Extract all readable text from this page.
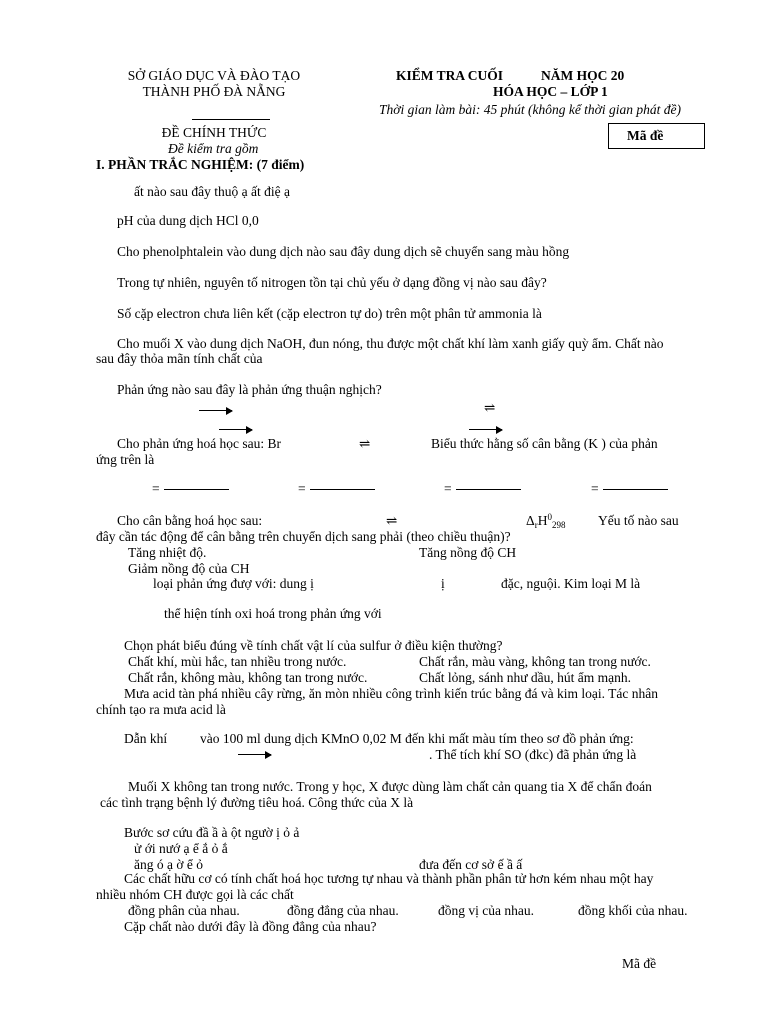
SỞ GIÁO DỤC VÀ ĐÀO TẠO
THÀNH PHỐ ĐÀ NẴNG
ĐỀ CHÍNH THỨC
Đề kiểm tra gồm
KIỂM TRA CUỐI	NĂM HỌC 20
HÓA HỌC – LỚP 1
Thời gian làm bài: 45 phút (không kể thời gian phát đề)
Mã đề
I. PHẦN TRẮC NGHIỆM: (7 điểm)
ất nào sau đây thuộ ạ ất điệ ạ
pH của dung dịch HCl 0,0
Cho phenolphtalein vào dung dịch nào sau đây dung dịch sẽ chuyển sang màu hồng
Trong tự nhiên, nguyên tố nitrogen tồn tại chủ yếu ở dạng đồng vị nào sau đây?
Số cặp electron chưa liên kết (cặp electron tự do) trên một phân tử ammonia là
Cho muối X vào dung dịch NaOH, đun nóng, thu được một chất khí làm xanh giấy quỳ ẩm. Chất nào
sau đây thỏa mãn tính chất của
Phản ứng nào sau đây là phản ứng thuận nghịch?
⇌
Cho phản ứng hoá học sau: Br	⇌	Biểu thức hằng số cân bằng (K ) của phản
ứng trên là
=	=	=	=
Cho cân bằng hoá học sau:	⇌	$\Delta_rH^0_{298}$ Yếu tố nào sau
đây cần tác động để cân bằng trên chuyển dịch sang phải (theo chiều thuận)?
Tăng nhiệt độ.	Tăng nồng độ CH
Giảm nồng độ của CH
loại phản ứng đượ với: dung ị	ị	đặc, nguội. Kim loại M là
thể hiện tính oxi hoá trong phản ứng với
Chọn phát biểu đúng về tính chất vật lí của sulfur ở điều kiện thường?
Chất khí, mùi hắc, tan nhiều trong nước.	Chất rắn, màu vàng, không tan trong nước.
Chất rắn, không màu, không tan trong nước.	Chất lỏng, sánh như dầu, hút ẩm mạnh.
Mưa acid tàn phá nhiều cây rừng, ăn mòn nhiều công trình kiến trúc bằng đá và kim loại. Tác nhân
chính tạo ra mưa acid là
Dẫn khí vào 100 ml dung dịch KMnO 0,02 M đến khi mất màu tím theo sơ đồ phản ứng:
. Thể tích khí SO (đkc) đã phản ứng là
Muối X không tan trong nước. Trong y học, X được dùng làm chất cản quang tia X để chẩn đoán
các tình trạng bệnh lý đường tiêu hoá. Công thức của X là
Bước sơ cứu đầ ầ à ột ngườ ị ỏ ả
ử ới nướ ạ ể ắ ỏ ắ
ăng ó ạ ờ ể ỏ	đưa đến cơ sở ế ầ ấ
Các chất hữu cơ có tính chất hoá học tương tự nhau và thành phần phân tử hơn kém nhau một hay
nhiều nhóm CH được gọi là các chất
đồng phân của nhau.	đồng đẳng của nhau.	đồng vị của nhau.	đồng khối của nhau.
Cặp chất nào dưới đây là đồng đẳng của nhau?
Mã đề
